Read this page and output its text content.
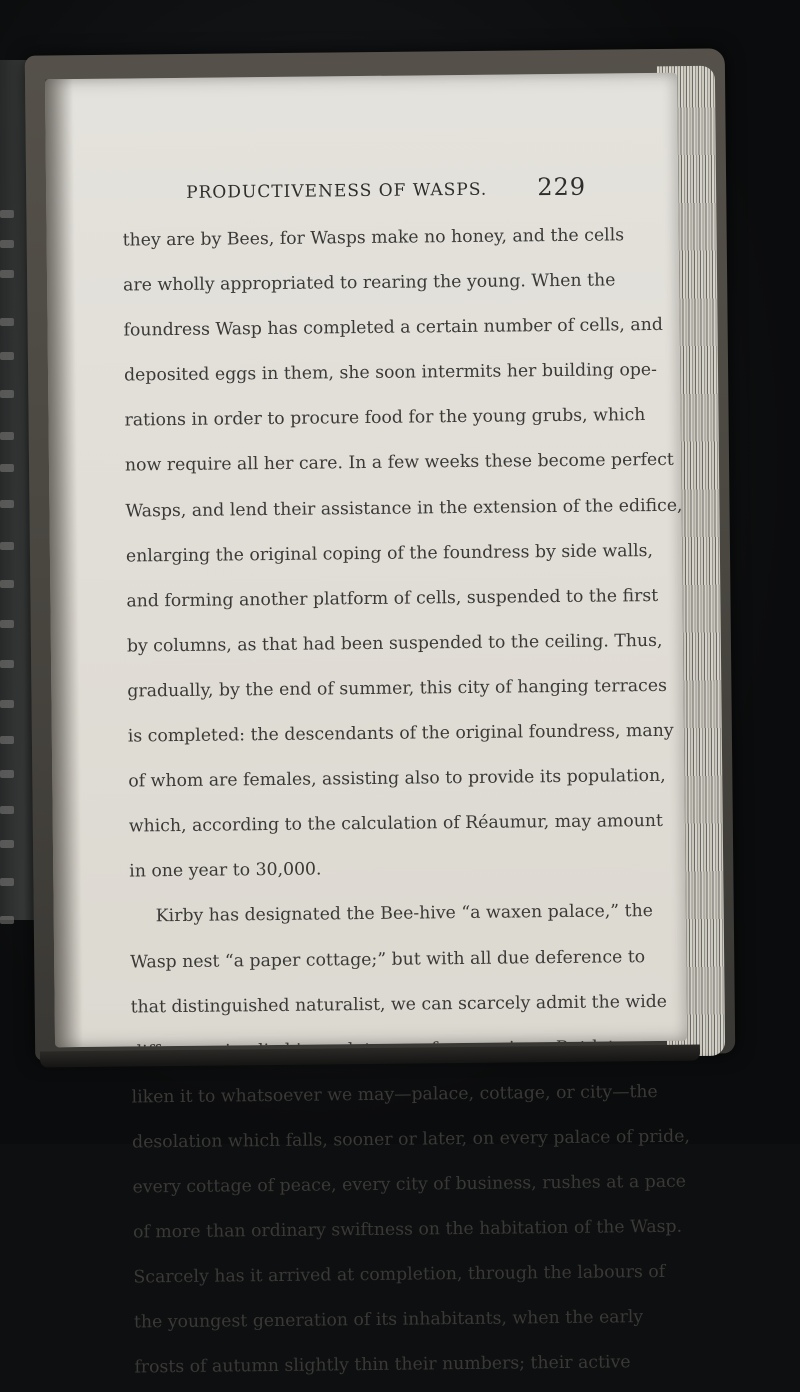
PRODUCTIVENESS OF WASPS. 229
they are by Bees, for Wasps make no honey, and the cells
are wholly appropriated to rearing the young. When the
foundress Wasp has completed a certain number of cells, and
deposited eggs in them, she soon intermits her building ope-
rations in order to procure food for the young grubs, which
now require all her care. In a few weeks these become perfect
Wasps, and lend their assistance in the extension of the edifice,
enlarging the original coping of the foundress by side walls,
and forming another platform of cells, suspended to the first
by columns, as that had been suspended to the ceiling. Thus,
gradually, by the end of summer, this city of hanging terraces
is completed: the descendants of the original foundress, many
of whom are females, assisting also to provide its population,
which, according to the calculation of Réaumur, may amount
in one year to 30,000.
Kirby has designated the Bee-hive “a waxen palace,” the
Wasp nest “a paper cottage;” but with all due deference to
that distinguished naturalist, we can scarcely admit the wide
liken it to whatsoever we may—palace, cottage, or city—the
desolation which falls, sooner or later, on every palace of pride,
every cottage of peace, every city of business, rushes at a pace
of more than ordinary swiftness on the habitation of the Wasp.
Scarcely has it arrived at completion, through the labours of
the youngest generation of its inhabitants, when the early
frosts of autumn slightly thin their numbers; their active
